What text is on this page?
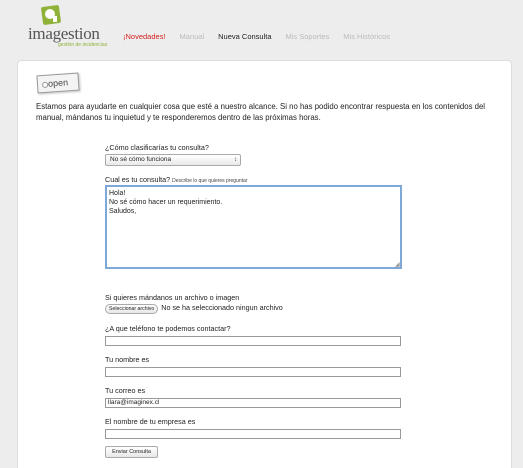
imagestion
gestión de incidencias
¡Novedades! Manual Nueva Consulta Mis Soportes Mis Históricos
open
Estamos para ayudarte en cualquier cosa que esté a nuestro alcance. Si no has podido encontrar respuesta en los contenidos del manual, mándanos tu inquietud y te responderemos dentro de las próximas horas.
¿Cómo clasificarías tu consulta?
No sé cómo funciona	↕
Cual es tu consulta? Describe lo que quieres preguntar
Hola!
No sé cómo hacer un requerimiento.
Saludos,
Si quieres mándanos un archivo o imagen
Seleccionar archivo No se ha seleccionado ningun archivo
¿A que teléfono te podemos contactar?
Tu nombre es
Tu correo es
llara@imaginex.cl
El nombre de tu empresa es
Enviar Consulta
